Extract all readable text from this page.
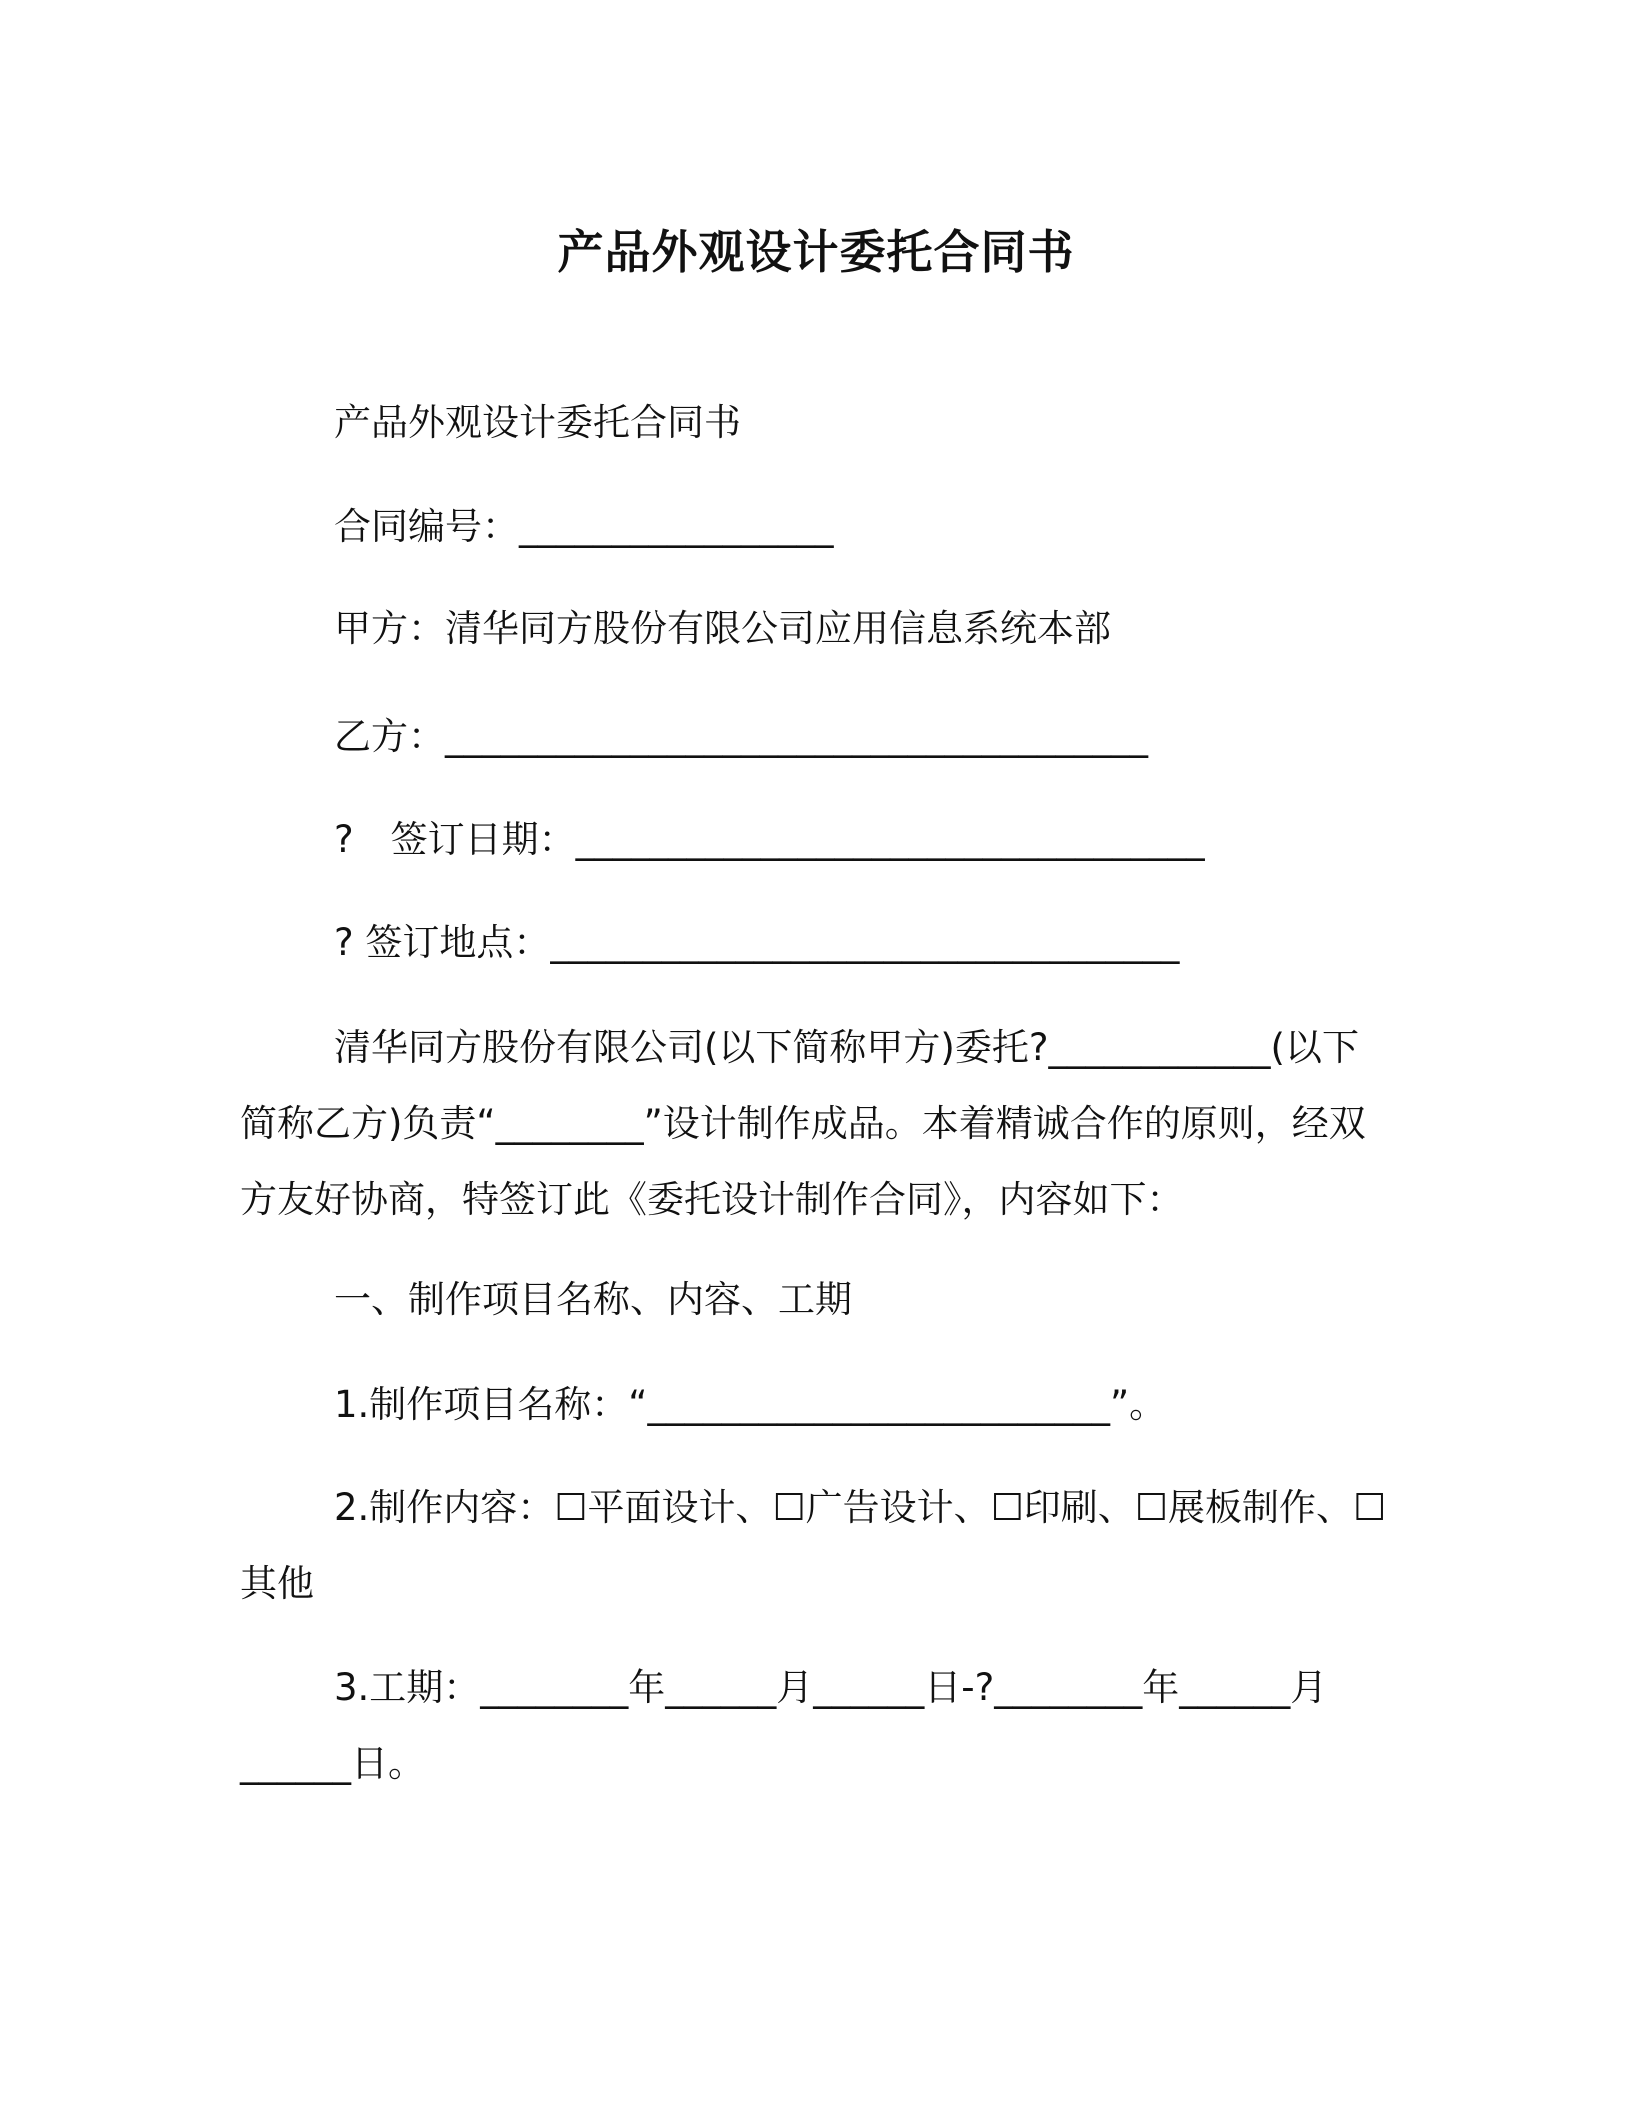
产品外观设计委托合同书
产品外观设计委托合同书
合同编号：_________________
甲方：清华同方股份有限公司应用信息系统本部
乙方：______________________________________
?　签订日期：__________________________________
? 签订地点：__________________________________
清华同方股份有限公司(以下简称甲方)委托?____________(以下简称乙方)负责“________”设计制作成品。本着精诚合作的原则，经双方友好协商，特签订此《委托设计制作合同》，内容如下：
一、制作项目名称、内容、工期
1.制作项目名称：“_________________________”。
2.制作内容：☐平面设计、☐广告设计、☐印刷、☐展板制作、☐其他
3.工期：________年______月______日-?________年______月______日。
